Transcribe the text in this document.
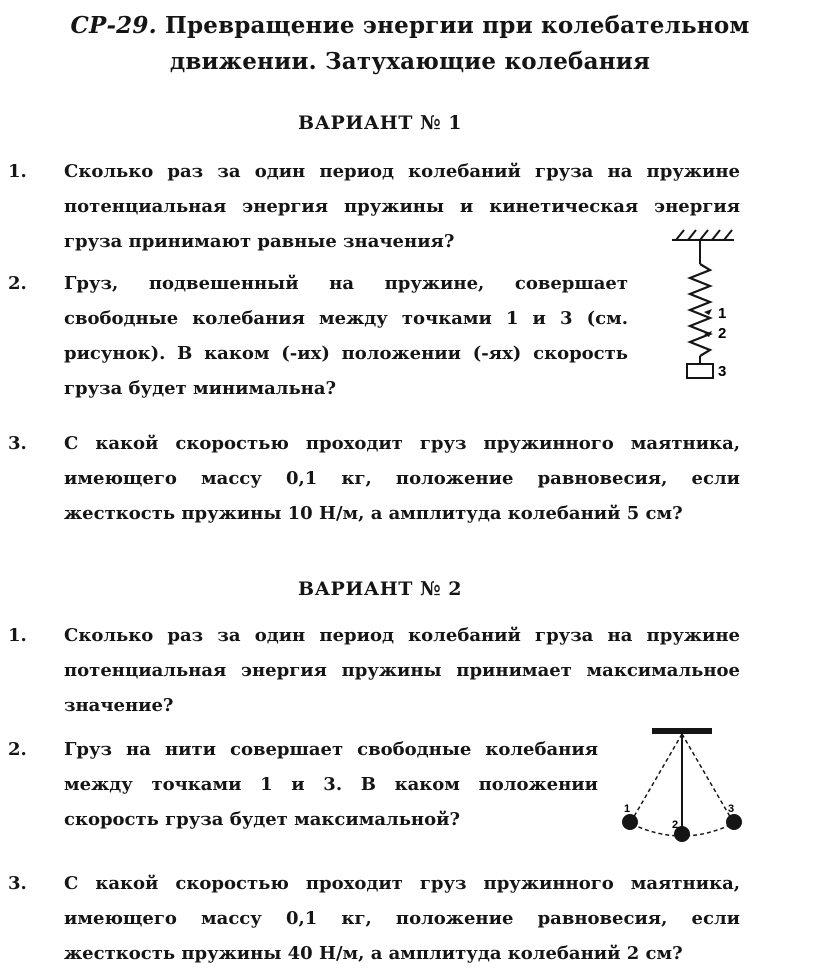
СР-29. Превращение энергии при колебательном
движении. Затухающие колебания
ВАРИАНТ № 1
1. Сколько раз за один период колебаний груза на пружине потенциальная энергия пружины и кинетическая энергия груза принимают равные значения?
2. Груз, подвешенный на пружине, совершает свободные колебания между точками 1 и 3 (см. рисунок). В каком (-их) положении (-ях) скорость груза будет минимальна?
1
2
3
3. С какой скоростью проходит груз пружинного маятника, имеющего массу 0,1 кг, положение равновесия, если жесткость пружины 10 Н/м, а амплитуда колебаний 5 см?
ВАРИАНТ № 2
1. Сколько раз за один период колебаний груза на пружине потенциальная энергия пружины принимает максимальное значение?
2. Груз на нити совершает свободные колебания между точками 1 и 3. В каком положении скорость груза будет максимальной?	1
2
3
3. С какой скоростью проходит груз пружинного маятника, имеющего массу 0,1 кг, положение равновесия, если жесткость пружины 40 Н/м, а амплитуда колебаний 2 см?
